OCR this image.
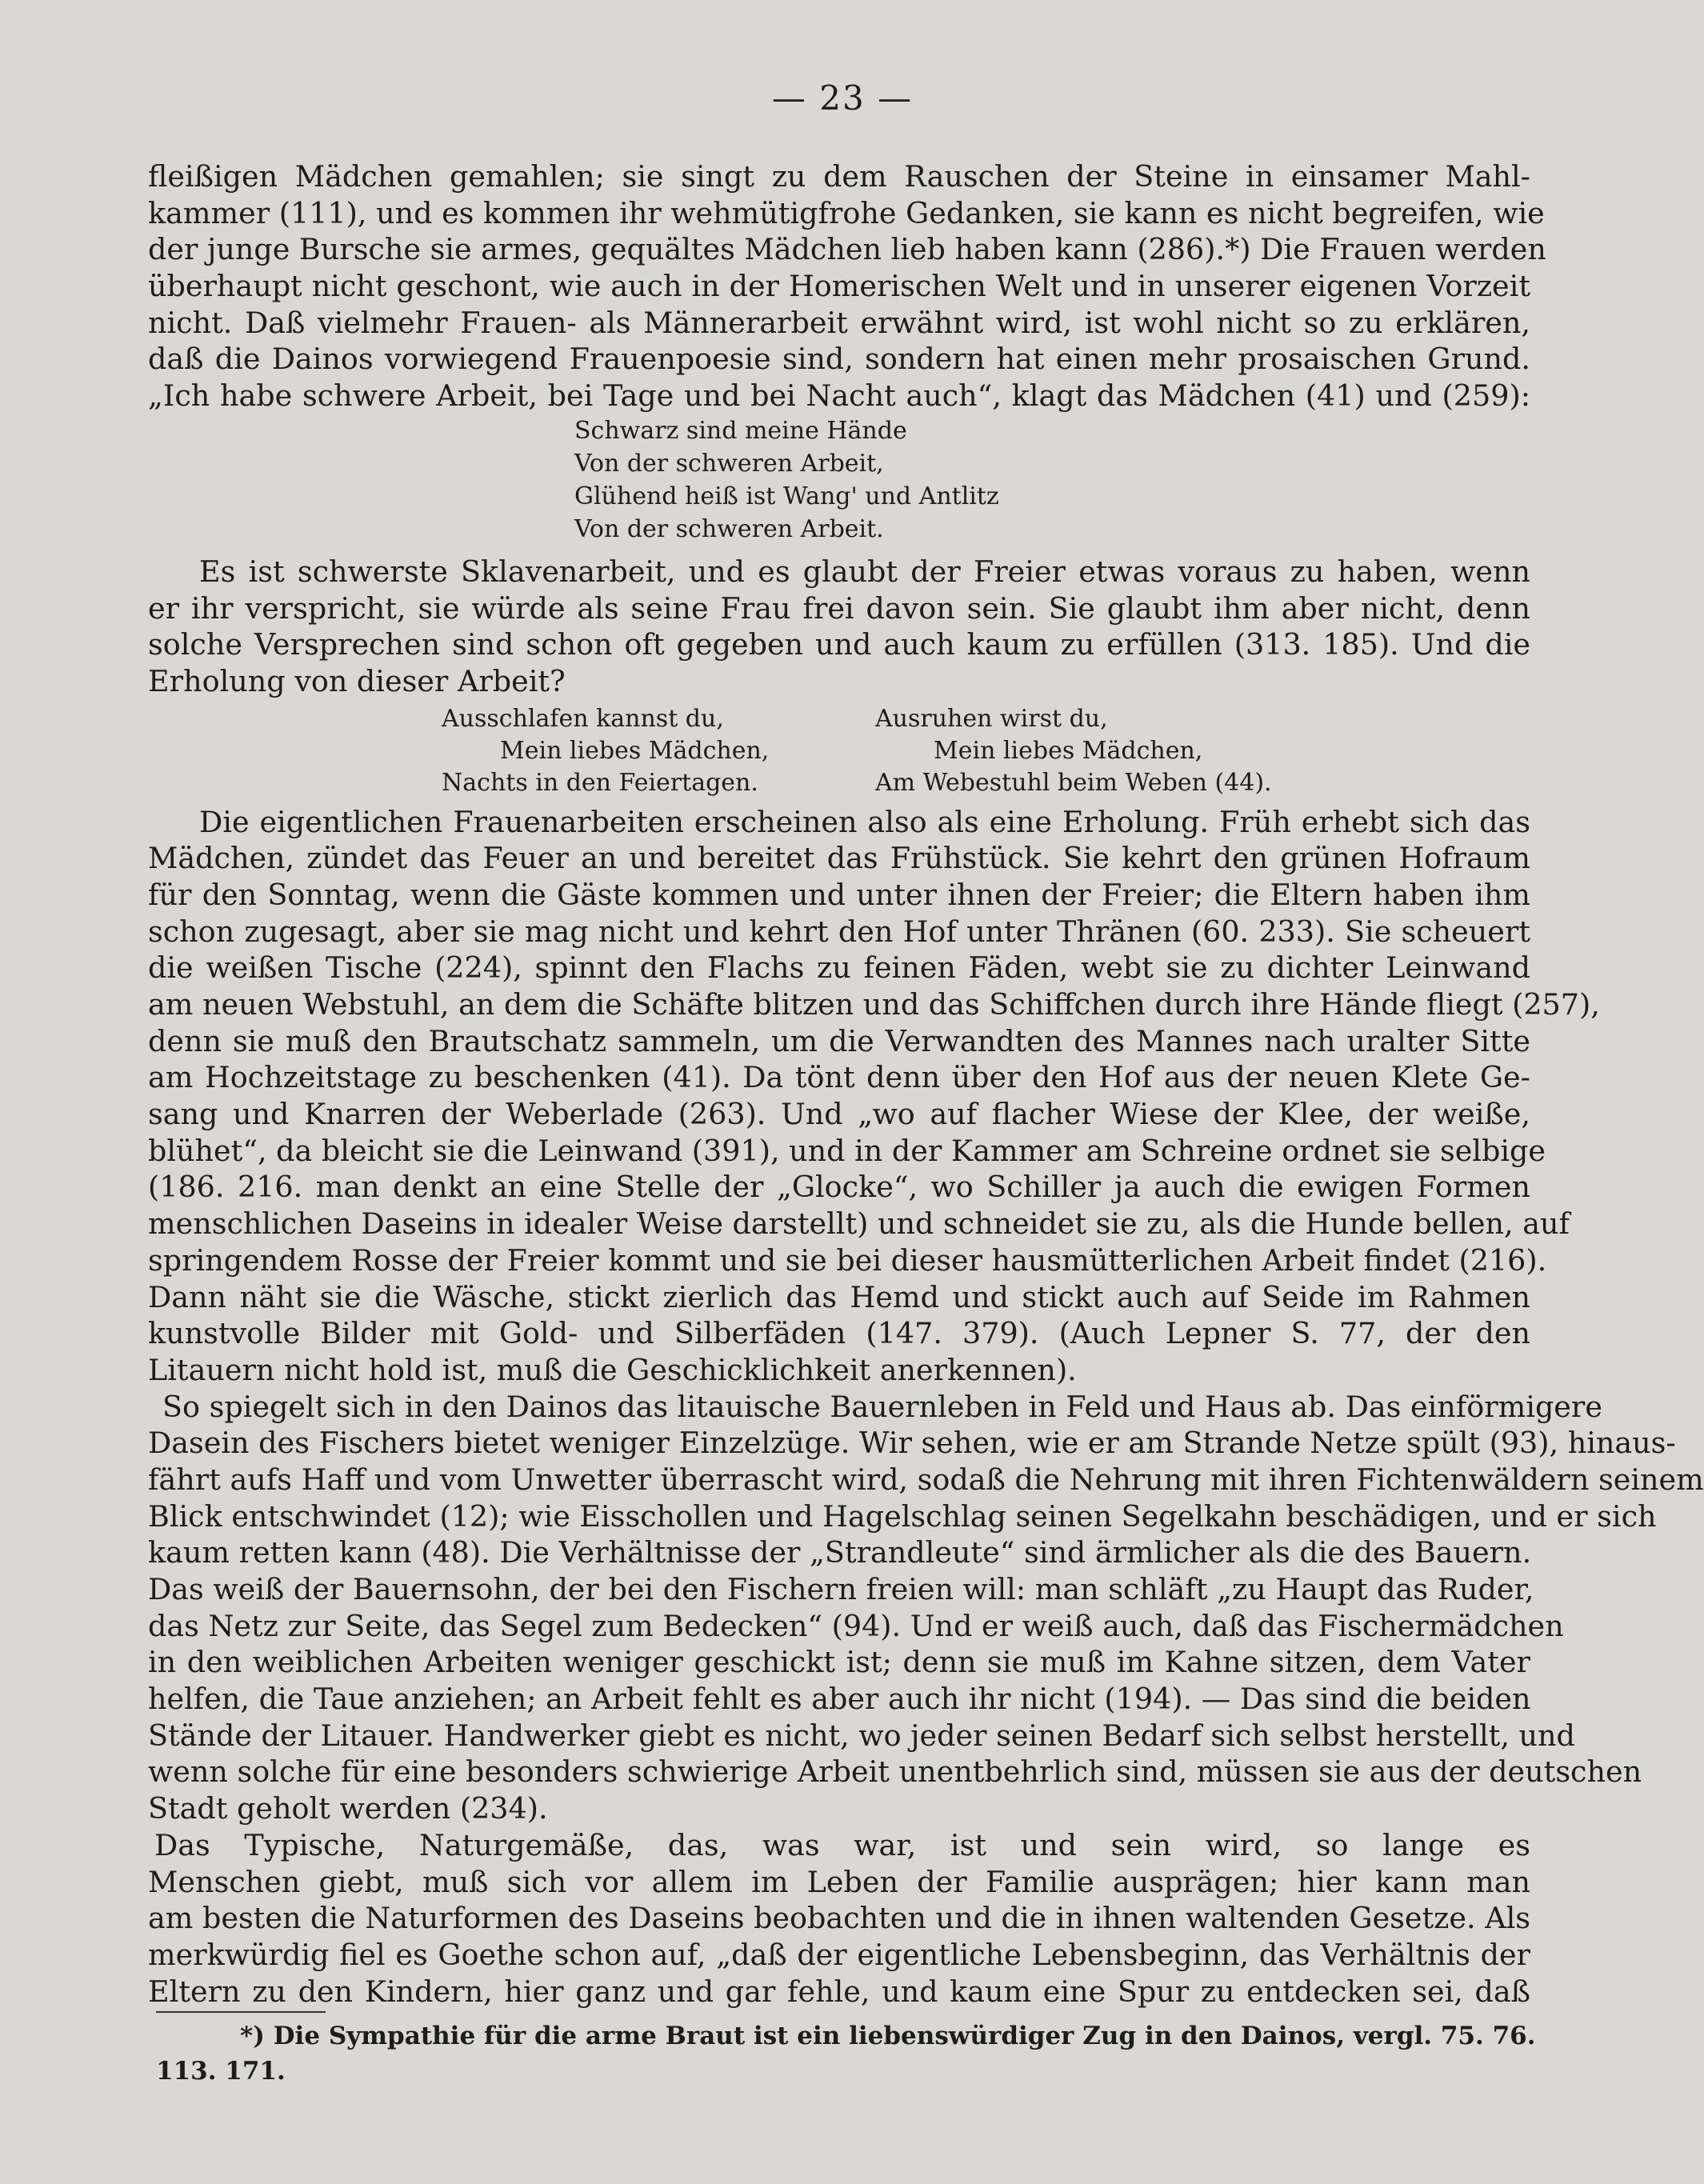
— 23 —
fleißigen Mädchen gemahlen; sie singt zu dem Rauschen der Steine in einsamer Mahl-
kammer (111), und es kommen ihr wehmütigfrohe Gedanken, sie kann es nicht begreifen, wie
der junge Bursche sie armes, gequältes Mädchen lieb haben kann (286).*) Die Frauen werden
überhaupt nicht geschont, wie auch in der Homerischen Welt und in unserer eigenen Vorzeit
nicht. Daß vielmehr Frauen- als Männerarbeit erwähnt wird, ist wohl nicht so zu erklären,
daß die Dainos vorwiegend Frauenpoesie sind, sondern hat einen mehr prosaischen Grund.
„Ich habe schwere Arbeit, bei Tage und bei Nacht auch“, klagt das Mädchen (41) und (259):
Schwarz sind meine Hände
Von der schweren Arbeit,
Glühend heiß ist Wang' und Antlitz
Von der schweren Arbeit.
Es ist schwerste Sklavenarbeit, und es glaubt der Freier etwas voraus zu haben, wenn
er ihr verspricht, sie würde als seine Frau frei davon sein. Sie glaubt ihm aber nicht, denn
solche Versprechen sind schon oft gegeben und auch kaum zu erfüllen (313. 185). Und die
Erholung von dieser Arbeit?
Ausschlafen kannst du,
Mein liebes Mädchen,
Nachts in den Feiertagen.
Ausruhen wirst du,
Mein liebes Mädchen,
Am Webestuhl beim Weben (44).
Die eigentlichen Frauenarbeiten erscheinen also als eine Erholung. Früh erhebt sich das
Mädchen, zündet das Feuer an und bereitet das Frühstück. Sie kehrt den grünen Hofraum
für den Sonntag, wenn die Gäste kommen und unter ihnen der Freier; die Eltern haben ihm
schon zugesagt, aber sie mag nicht und kehrt den Hof unter Thränen (60. 233). Sie scheuert
die weißen Tische (224), spinnt den Flachs zu feinen Fäden, webt sie zu dichter Leinwand
am neuen Webstuhl, an dem die Schäfte blitzen und das Schiffchen durch ihre Hände fliegt (257),
denn sie muß den Brautschatz sammeln, um die Verwandten des Mannes nach uralter Sitte
am Hochzeitstage zu beschenken (41). Da tönt denn über den Hof aus der neuen Klete Ge-
sang und Knarren der Weberlade (263). Und „wo auf flacher Wiese der Klee, der weiße,
blühet“, da bleicht sie die Leinwand (391), und in der Kammer am Schreine ordnet sie selbige
(186. 216. man denkt an eine Stelle der „Glocke“, wo Schiller ja auch die ewigen Formen
menschlichen Daseins in idealer Weise darstellt) und schneidet sie zu, als die Hunde bellen, auf
springendem Rosse der Freier kommt und sie bei dieser hausmütterlichen Arbeit findet (216).
Dann näht sie die Wäsche, stickt zierlich das Hemd und stickt auch auf Seide im Rahmen
kunstvolle Bilder mit Gold- und Silberfäden (147. 379). (Auch Lepner S. 77, der den
Litauern nicht hold ist, muß die Geschicklichkeit anerkennen).
So spiegelt sich in den Dainos das litauische Bauernleben in Feld und Haus ab. Das einförmigere
Dasein des Fischers bietet weniger Einzelzüge. Wir sehen, wie er am Strande Netze spült (93), hinaus-
fährt aufs Haff und vom Unwetter überrascht wird, sodaß die Nehrung mit ihren Fichtenwäldern seinem
Blick entschwindet (12); wie Eisschollen und Hagelschlag seinen Segelkahn beschädigen, und er sich
kaum retten kann (48). Die Verhältnisse der „Strandleute“ sind ärmlicher als die des Bauern.
Das weiß der Bauernsohn, der bei den Fischern freien will: man schläft „zu Haupt das Ruder,
das Netz zur Seite, das Segel zum Bedecken“ (94). Und er weiß auch, daß das Fischermädchen
in den weiblichen Arbeiten weniger geschickt ist; denn sie muß im Kahne sitzen, dem Vater
helfen, die Taue anziehen; an Arbeit fehlt es aber auch ihr nicht (194). — Das sind die beiden
Stände der Litauer. Handwerker giebt es nicht, wo jeder seinen Bedarf sich selbst herstellt, und
wenn solche für eine besonders schwierige Arbeit unentbehrlich sind, müssen sie aus der deutschen
Stadt geholt werden (234).
Das Typische, Naturgemäße, das, was war, ist und sein wird, so lange es
Menschen giebt, muß sich vor allem im Leben der Familie ausprägen; hier kann man
am besten die Naturformen des Daseins beobachten und die in ihnen waltenden Gesetze. Als
merkwürdig fiel es Goethe schon auf, „daß der eigentliche Lebensbeginn, das Verhältnis der
Eltern zu den Kindern, hier ganz und gar fehle, und kaum eine Spur zu entdecken sei, daß
*) Die Sympathie für die arme Braut ist ein liebenswürdiger Zug in den Dainos, vergl. 75. 76.
113. 171.
